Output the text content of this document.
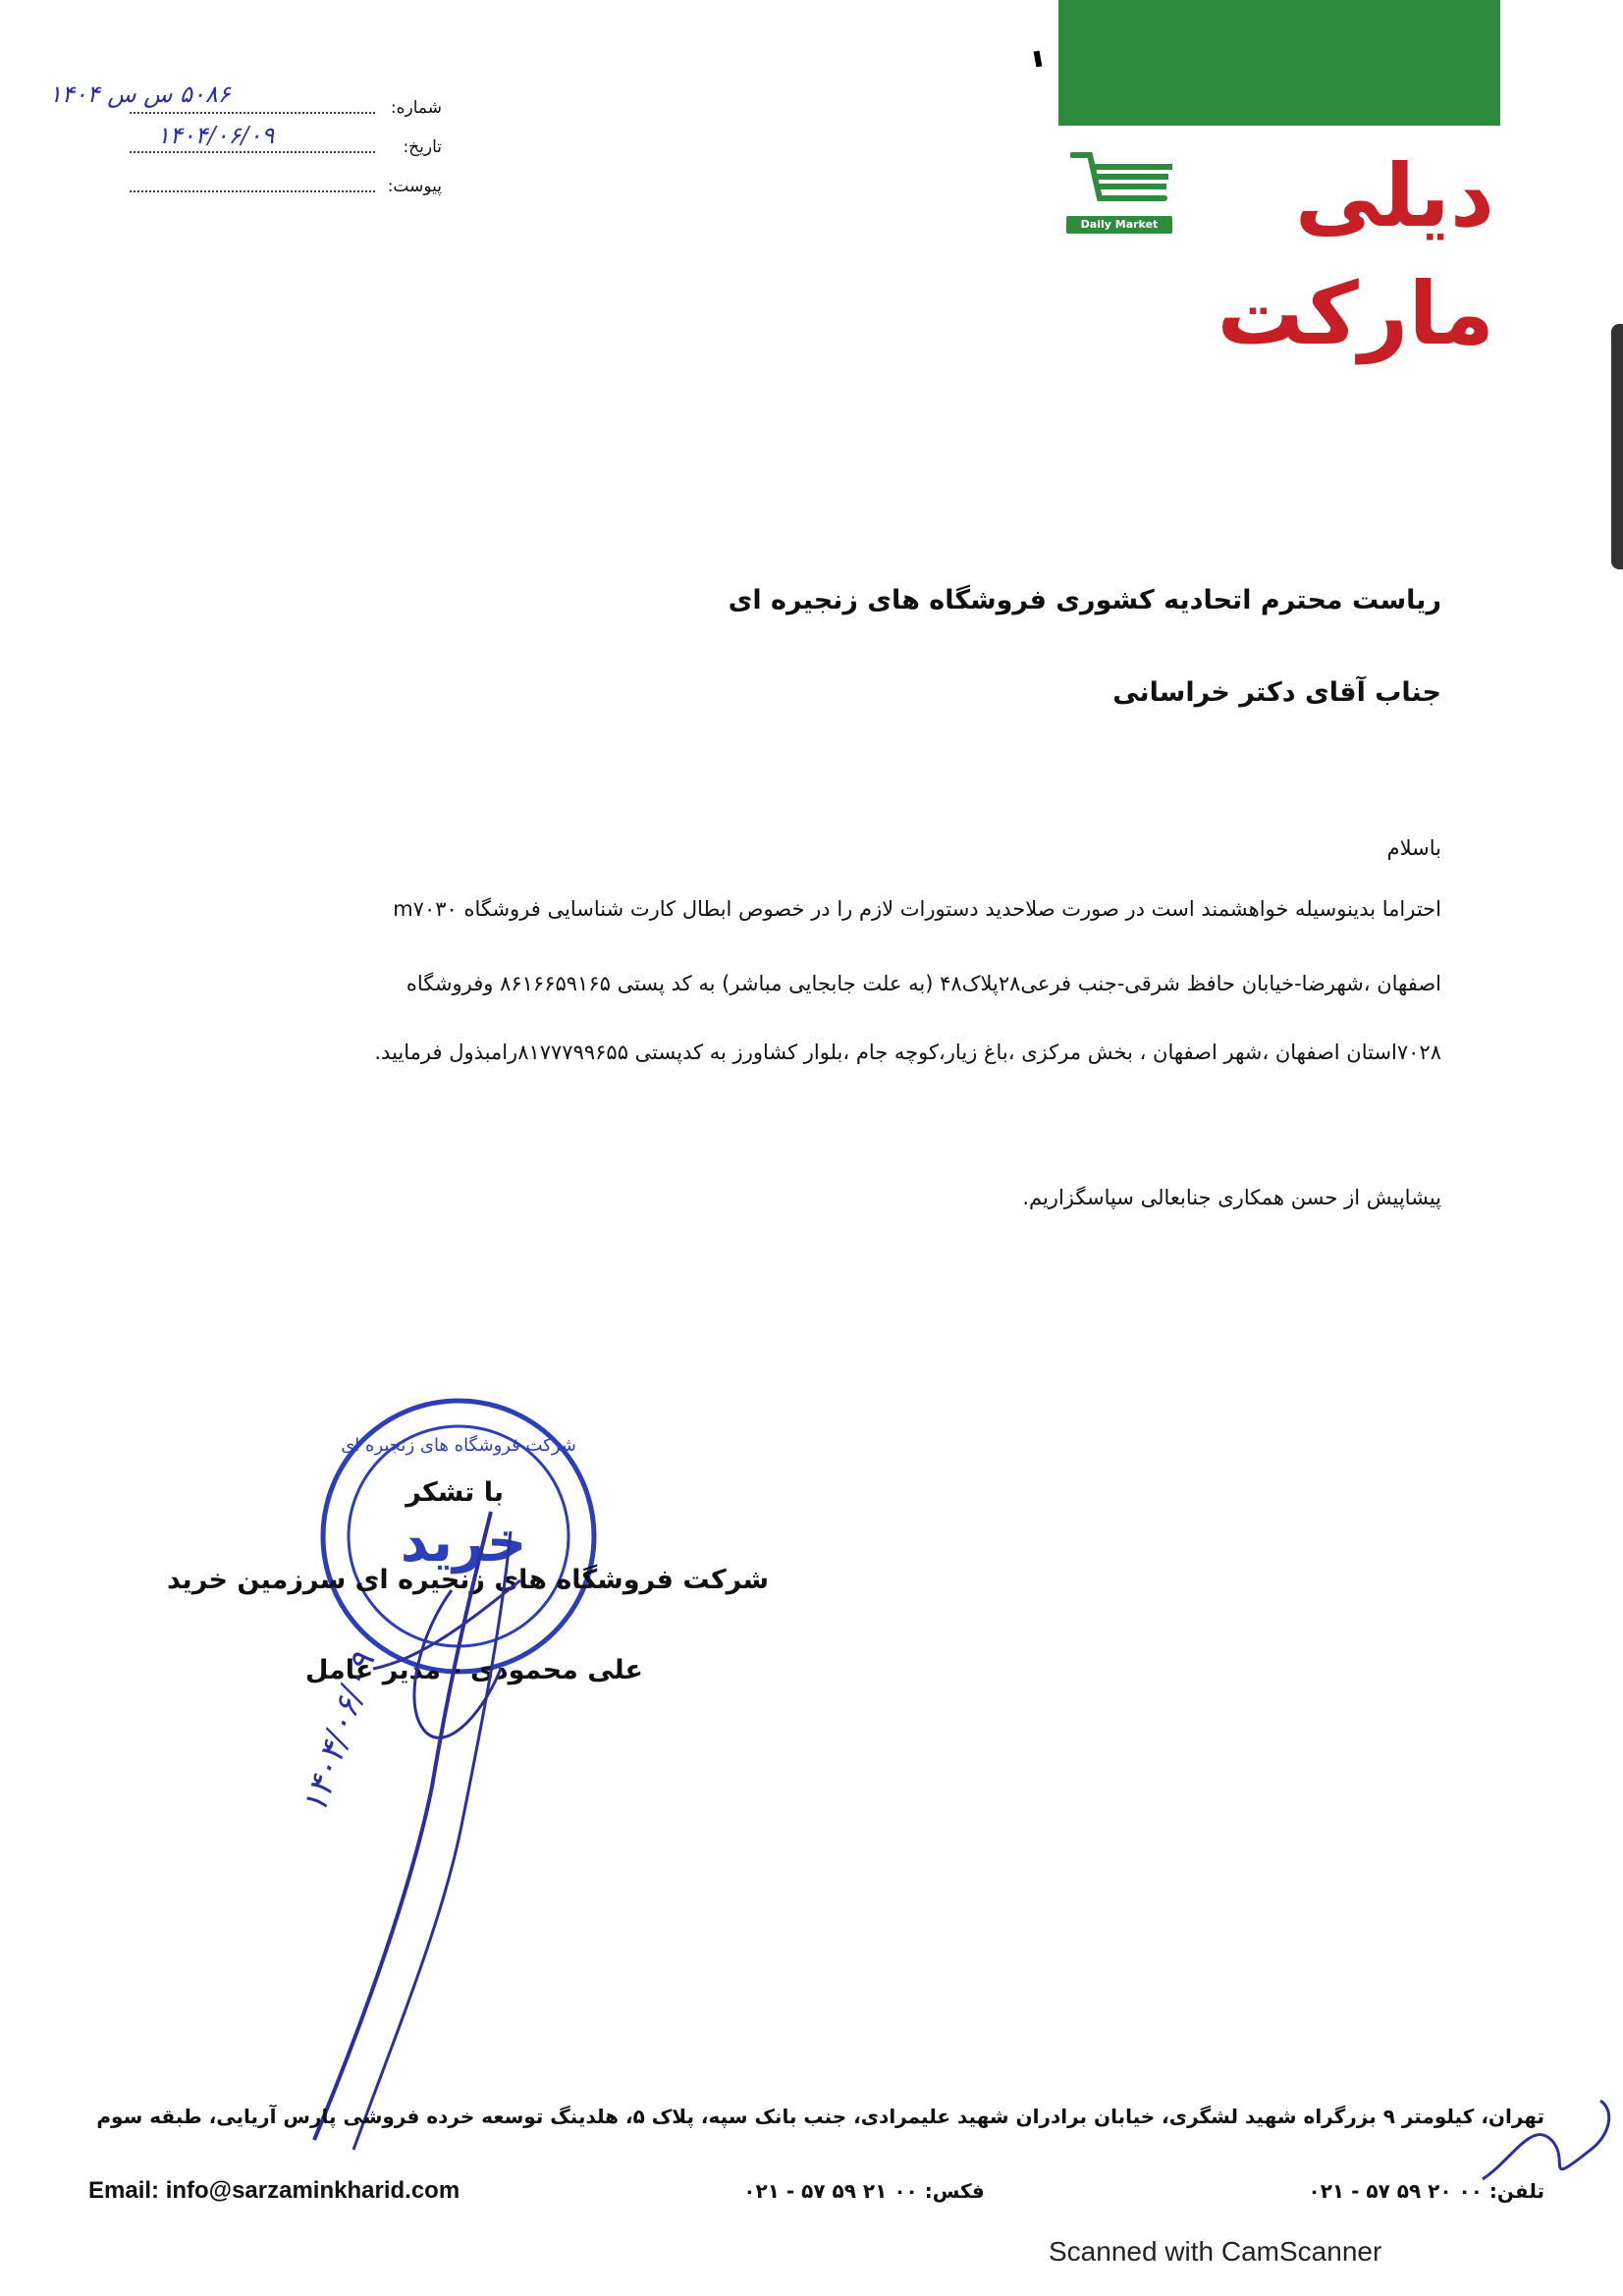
دیلی مارکت
Daily Market
شماره:
۵۰۸۶ س س ۱۴۰۴
تاریخ:
۱۴۰۴/۰۶/۰۹
پیوست:
ریاست محترم اتحادیه کشوری فروشگاه های زنجیره ای
جناب آقای دکتر خراسانی
باسلام
احتراما بدینوسیله خواهشمند است در صورت صلاحدید دستورات لازم را در خصوص ابطال کارت شناسایی فروشگاه m۷۰۳۰
اصفهان ،شهرضا-خیابان حافظ شرقی-جنب فرعی۲۸پلاک۴۸ (به علت جابجایی مباشر) به کد پستی ۸۶۱۶۶۵۹۱۶۵ وفروشگاه
۷۰۲۸استان اصفهان ،شهر اصفهان ، بخش مرکزی ،باغ زیار،کوچه جام ،بلوار کشاورز به کدپستی ۸۱۷۷۷۹۹۶۵۵رامبذول فرمایید.
پیشاپیش از حسن همکاری جنابعالی سپاسگزاریم.
شرکت فروشگاه های زنجیره ای
خرید
با تشکر
شرکت فروشگاه های زنجیره ای سرزمین خرید
علی محمودی - مدیر عامل
۱۴۰۴/۰۶/۰۹
تهران، کیلومتر ۹ بزرگراه شهید لشگری، خیابان برادران شهید علیمرادی، جنب بانک سپه، پلاک ۵، هلدینگ توسعه خرده فروشی پارس آریایی، طبقه سوم
Email: info@sarzaminkharid.com	فکس: ۰۰ ۲۱ ۵۹ ۵۷ - ۰۲۱	تلفن: ۰۰ ۲۰ ۵۹ ۵۷ - ۰۲۱
Scanned with CamScanner
